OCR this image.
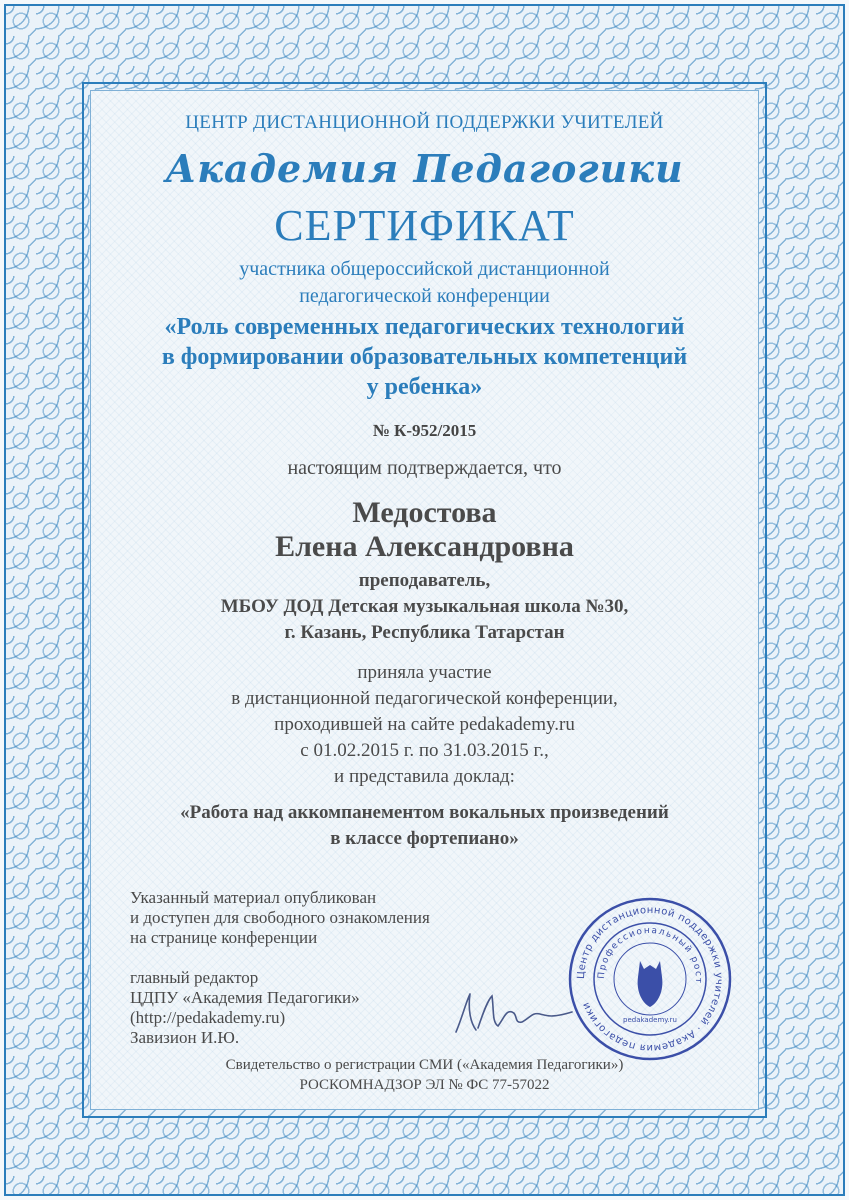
ЦЕНТР ДИСТАНЦИОННОЙ ПОДДЕРЖКИ УЧИТЕЛЕЙ
Академия Педагогики
СЕРТИФИКАТ
участника общероссийской дистанционной
педагогической конференции
«Роль современных педагогических технологий
в формировании образовательных компетенций
у ребенка»
№ К-952/2015
настоящим подтверждается, что
Медостова
Елена Александровна
преподаватель,
МБОУ ДОД Детская музыкальная школа №30,
г. Казань, Республика Татарстан
приняла участие
в дистанционной педагогической конференции,
проходившей на сайте pedakademy.ru
с 01.02.2015 г. по 31.03.2015 г.,
и представила доклад:
«Работа над аккомпанементом вокальных произведений
в классе фортепиано»
Указанный материал опубликован
и доступен для свободного ознакомления
на странице конференции
главный редактор
ЦДПУ «Академия Педагогики»
(http://pedakademy.ru)
Завизион И.Ю.
Центр дистанционной поддержки учителей · Академия педагогики
Профессиональный рост
pedakademy.ru
Свидетельство о регистрации СМИ («Академия Педагогики»)
РОСКОМНАДЗОР ЭЛ № ФС 77-57022
